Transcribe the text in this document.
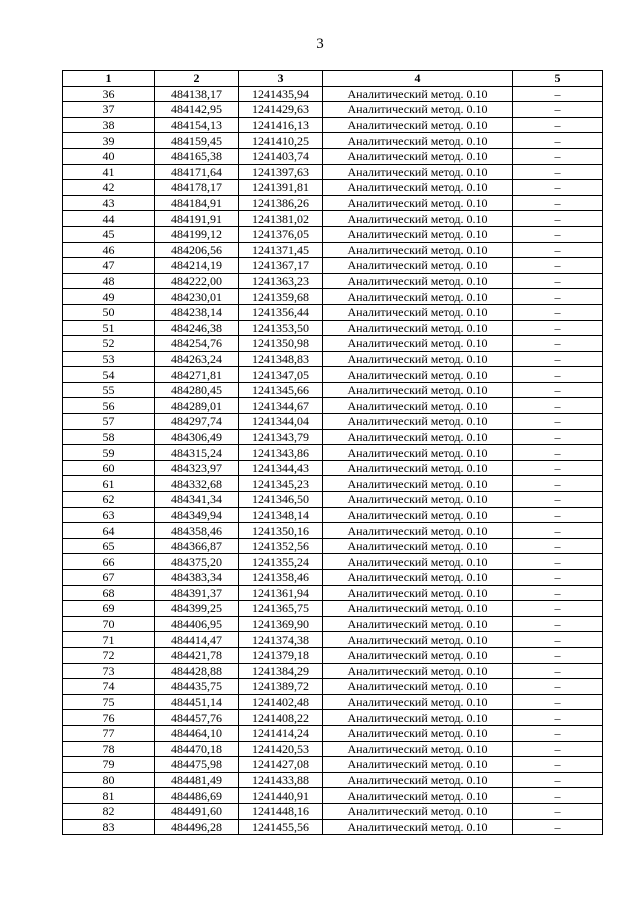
3
1	2	3	4	5
36	484138,17	1241435,94	Аналитический метод. 0.10	–
37	484142,95	1241429,63	Аналитический метод. 0.10	–
38	484154,13	1241416,13	Аналитический метод. 0.10	–
39	484159,45	1241410,25	Аналитический метод. 0.10	–
40	484165,38	1241403,74	Аналитический метод. 0.10	–
41	484171,64	1241397,63	Аналитический метод. 0.10	–
42	484178,17	1241391,81	Аналитический метод. 0.10	–
43	484184,91	1241386,26	Аналитический метод. 0.10	–
44	484191,91	1241381,02	Аналитический метод. 0.10	–
45	484199,12	1241376,05	Аналитический метод. 0.10	–
46	484206,56	1241371,45	Аналитический метод. 0.10	–
47	484214,19	1241367,17	Аналитический метод. 0.10	–
48	484222,00	1241363,23	Аналитический метод. 0.10	–
49	484230,01	1241359,68	Аналитический метод. 0.10	–
50	484238,14	1241356,44	Аналитический метод. 0.10	–
51	484246,38	1241353,50	Аналитический метод. 0.10	–
52	484254,76	1241350,98	Аналитический метод. 0.10	–
53	484263,24	1241348,83	Аналитический метод. 0.10	–
54	484271,81	1241347,05	Аналитический метод. 0.10	–
55	484280,45	1241345,66	Аналитический метод. 0.10	–
56	484289,01	1241344,67	Аналитический метод. 0.10	–
57	484297,74	1241344,04	Аналитический метод. 0.10	–
58	484306,49	1241343,79	Аналитический метод. 0.10	–
59	484315,24	1241343,86	Аналитический метод. 0.10	–
60	484323,97	1241344,43	Аналитический метод. 0.10	–
61	484332,68	1241345,23	Аналитический метод. 0.10	–
62	484341,34	1241346,50	Аналитический метод. 0.10	–
63	484349,94	1241348,14	Аналитический метод. 0.10	–
64	484358,46	1241350,16	Аналитический метод. 0.10	–
65	484366,87	1241352,56	Аналитический метод. 0.10	–
66	484375,20	1241355,24	Аналитический метод. 0.10	–
67	484383,34	1241358,46	Аналитический метод. 0.10	–
68	484391,37	1241361,94	Аналитический метод. 0.10	–
69	484399,25	1241365,75	Аналитический метод. 0.10	–
70	484406,95	1241369,90	Аналитический метод. 0.10	–
71	484414,47	1241374,38	Аналитический метод. 0.10	–
72	484421,78	1241379,18	Аналитический метод. 0.10	–
73	484428,88	1241384,29	Аналитический метод. 0.10	–
74	484435,75	1241389,72	Аналитический метод. 0.10	–
75	484451,14	1241402,48	Аналитический метод. 0.10	–
76	484457,76	1241408,22	Аналитический метод. 0.10	–
77	484464,10	1241414,24	Аналитический метод. 0.10	–
78	484470,18	1241420,53	Аналитический метод. 0.10	–
79	484475,98	1241427,08	Аналитический метод. 0.10	–
80	484481,49	1241433,88	Аналитический метод. 0.10	–
81	484486,69	1241440,91	Аналитический метод. 0.10	–
82	484491,60	1241448,16	Аналитический метод. 0.10	–
83	484496,28	1241455,56	Аналитический метод. 0.10	–
